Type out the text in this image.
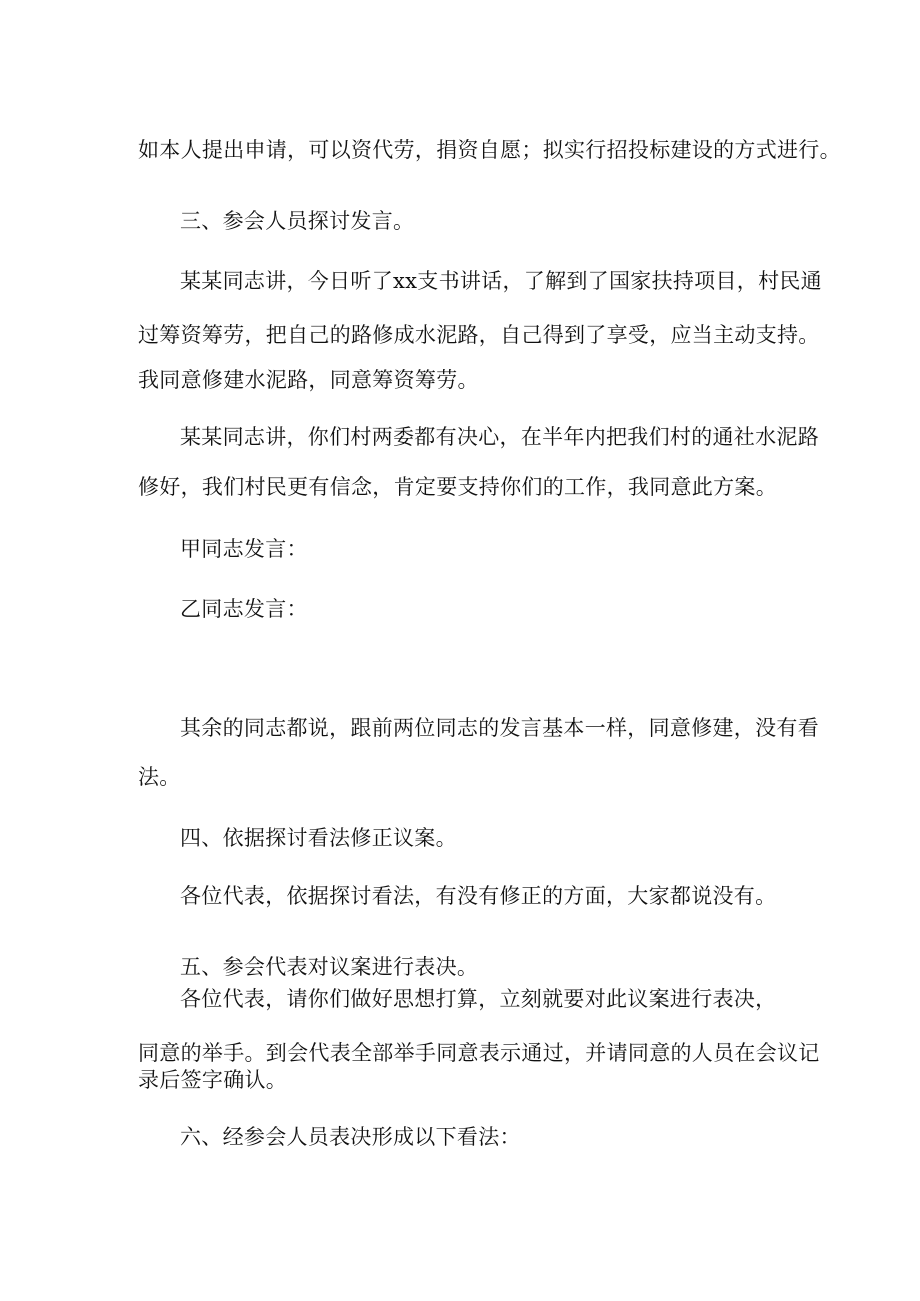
如本人提出申请，可以资代劳，捐资自愿；拟实行招投标建设的方式进行。

三、参会人员探讨发言。

某某同志讲，今日听了xx支书讲话，了解到了国家扶持项目，村民通

过筹资筹劳，把自己的路修成水泥路，自己得到了享受，应当主动支持。

我同意修建水泥路，同意筹资筹劳。

某某同志讲，你们村两委都有决心，在半年内把我们村的通社水泥路

修好，我们村民更有信念，肯定要支持你们的工作，我同意此方案。

甲同志发言：

乙同志发言：

其余的同志都说，跟前两位同志的发言基本一样，同意修建，没有看

法。

四、依据探讨看法修正议案。

各位代表，依据探讨看法，有没有修正的方面，大家都说没有。

五、参会代表对议案进行表决。

各位代表，请你们做好思想打算，立刻就要对此议案进行表决，

同意的举手。到会代表全部举手同意表示通过，并请同意的人员在会议记

录后签字确认。

六、经参会人员表决形成以下看法：
